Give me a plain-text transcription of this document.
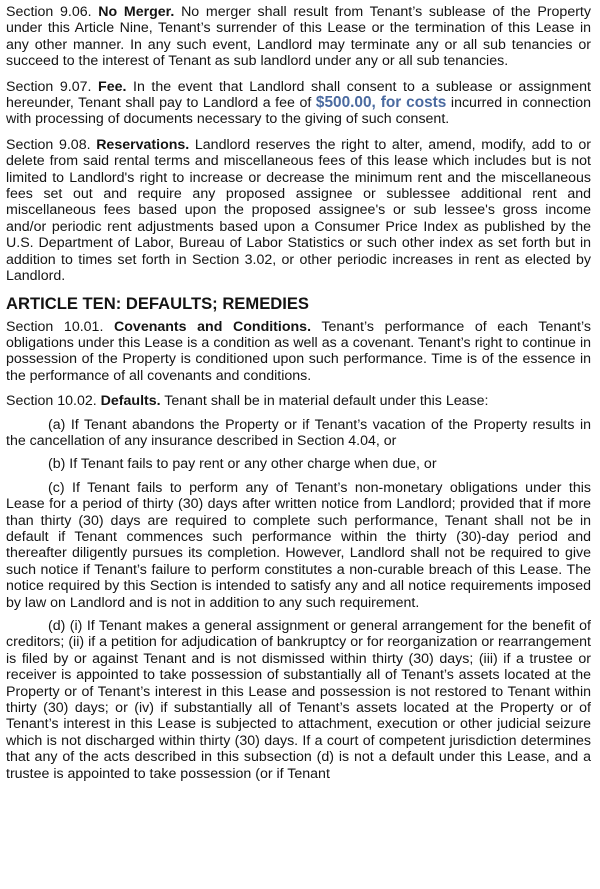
Section 9.06. No Merger. No merger shall result from Tenant’s sublease of the Property under this Article Nine, Tenant’s surrender of this Lease or the termination of this Lease in any other manner. In any such event, Landlord may terminate any or all sub tenancies or succeed to the interest of Tenant as sub landlord under any or all sub tenancies.

Section 9.07. Fee. In the event that Landlord shall consent to a sublease or assignment hereunder, Tenant shall pay to Landlord a fee of $500.00, for costs incurred in connection with processing of documents necessary to the giving of such consent.

Section 9.08. Reservations. Landlord reserves the right to alter, amend, modify, add to or delete from said rental terms and miscellaneous fees of this lease which includes but is not limited to Landlord's right to increase or decrease the minimum rent and the miscellaneous fees set out and require any proposed assignee or sublessee additional rent and miscellaneous fees based upon the proposed assignee's or sub lessee's gross income and/or periodic rent adjustments based upon a Consumer Price Index as published by the U.S. Department of Labor, Bureau of Labor Statistics or such other index as set forth but in addition to times set forth in Section 3.02, or other periodic increases in rent as elected by Landlord.

ARTICLE TEN: DEFAULTS; REMEDIES

Section 10.01. Covenants and Conditions. Tenant’s performance of each Tenant’s obligations under this Lease is a condition as well as a covenant. Tenant’s right to continue in possession of the Property is conditioned upon such performance. Time is of the essence in the performance of all covenants and conditions.

Section 10.02. Defaults. Tenant shall be in material default under this Lease:

(a) If Tenant abandons the Property or if Tenant’s vacation of the Property results in the cancellation of any insurance described in Section 4.04, or

(b) If Tenant fails to pay rent or any other charge when due, or

(c) If Tenant fails to perform any of Tenant’s non-monetary obligations under this Lease for a period of thirty (30) days after written notice from Landlord; provided that if more than thirty (30) days are required to complete such performance, Tenant shall not be in default if Tenant commences such performance within the thirty (30)-day period and thereafter diligently pursues its completion. However, Landlord shall not be required to give such notice if Tenant’s failure to perform constitutes a non-curable breach of this Lease. The notice required by this Section is intended to satisfy any and all notice requirements imposed by law on Landlord and is not in addition to any such requirement.

(d) (i) If Tenant makes a general assignment or general arrangement for the benefit of creditors; (ii) if a petition for adjudication of bankruptcy or for reorganization or rearrangement is filed by or against Tenant and is not dismissed within thirty (30) days; (iii) if a trustee or receiver is appointed to take possession of substantially all of Tenant’s assets located at the Property or of Tenant’s interest in this Lease and possession is not restored to Tenant within thirty (30) days; or (iv) if substantially all of Tenant’s assets located at the Property or of Tenant’s interest in this Lease is subjected to attachment, execution or other judicial seizure which is not discharged within thirty (30) days. If a court of competent jurisdiction determines that any of the acts described in this subsection (d) is not a default under this Lease, and a trustee is appointed to take possession (or if Tenant
